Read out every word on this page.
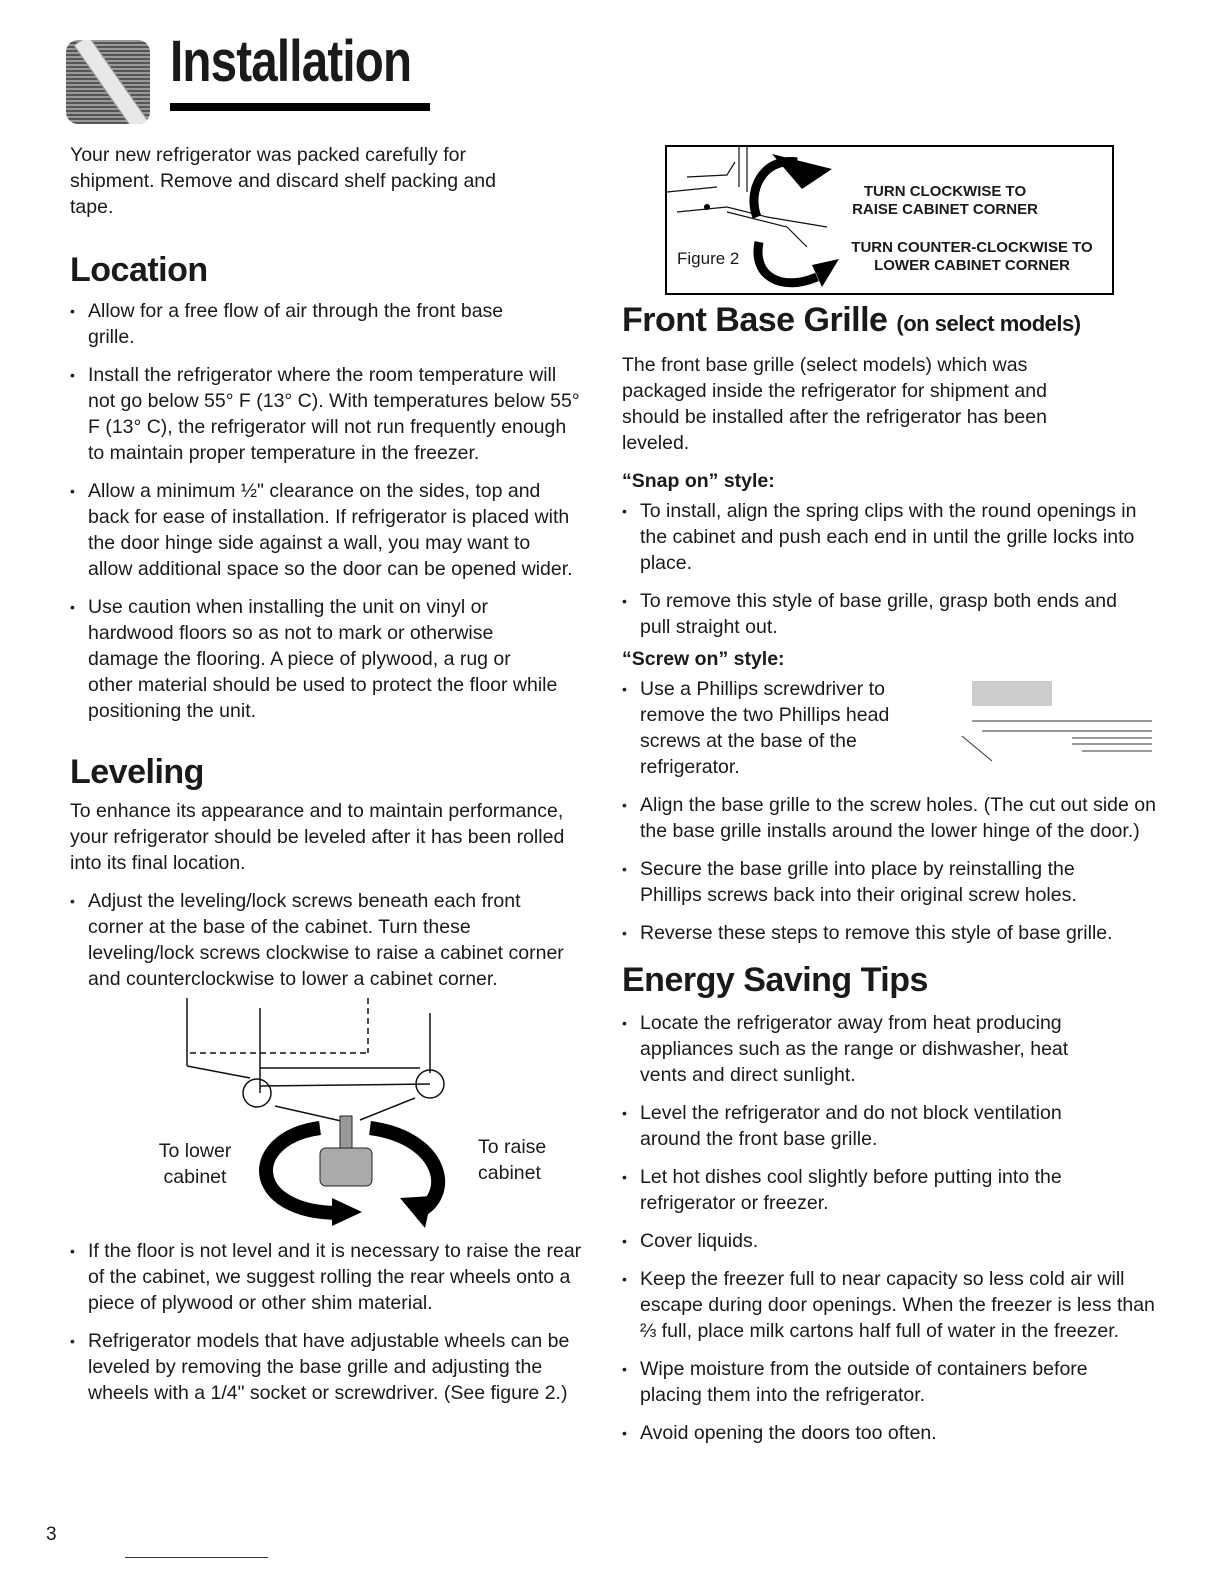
Installation

Your new refrigerator was packed carefully for shipment. Remove and discard shelf packing and tape.

Location
• Allow for a free flow of air through the front base grille.
• Install the refrigerator where the room temperature will not go below 55° F (13° C). With temperatures below 55° F (13° C), the refrigerator will not run frequently enough to maintain proper temperature in the freezer.
• Allow a minimum ½" clearance on the sides, top and back for ease of installation. If refrigerator is placed with the door hinge side against a wall, you may want to allow additional space so the door can be opened wider.
• Use caution when installing the unit on vinyl or hardwood floors so as not to mark or otherwise damage the flooring. A piece of plywood, a rug or other material should be used to protect the floor while positioning the unit.
Leveling

To enhance its appearance and to maintain performance, your refrigerator should be leveled after it has been rolled into its final location.

• Adjust the leveling/lock screws beneath each front corner at the base of the cabinet. Turn these leveling/lock screws clockwise to raise a cabinet corner and counterclockwise to lower a cabinet corner.
To lower cabinet
To raise cabinet
• If the floor is not level and it is necessary to raise the rear of the cabinet, we suggest rolling the rear wheels onto a piece of plywood or other shim material.
• Refrigerator models that have adjustable wheels can be leveled by removing the base grille and adjusting the wheels with a 1/4" socket or screwdriver. (See figure 2.)
Figure 2
TURN CLOCKWISE TO RAISE CABINET CORNER
TURN COUNTER-CLOCKWISE TO LOWER CABINET CORNER
Front Base Grille (on select models)

The front base grille (select models) which was packaged inside the refrigerator for shipment and should be installed after the refrigerator has been leveled.

“Snap on” style:
• To install, align the spring clips with the round openings in the cabinet and push each end in until the grille locks into place.
• To remove this style of base grille, grasp both ends and pull straight out.
“Screw on” style:
• Use a Phillips screwdriver to remove the two Phillips head screws at the base of the refrigerator.
• Align the base grille to the screw holes. (The cut out side on the base grille installs around the lower hinge of the door.)
• Secure the base grille into place by reinstalling the Phillips screws back into their original screw holes.
• Reverse these steps to remove this style of base grille.
Energy Saving Tips
• Locate the refrigerator away from heat producing appliances such as the range or dishwasher, heat vents and direct sunlight.
• Level the refrigerator and do not block ventilation around the front base grille.
• Let hot dishes cool slightly before putting into the refrigerator or freezer.
• Cover liquids.
• Keep the freezer full to near capacity so less cold air will escape during door openings. When the freezer is less than ⅔ full, place milk cartons half full of water in the freezer.
• Wipe moisture from the outside of containers before placing them into the refrigerator.
• Avoid opening the doors too often.
3
